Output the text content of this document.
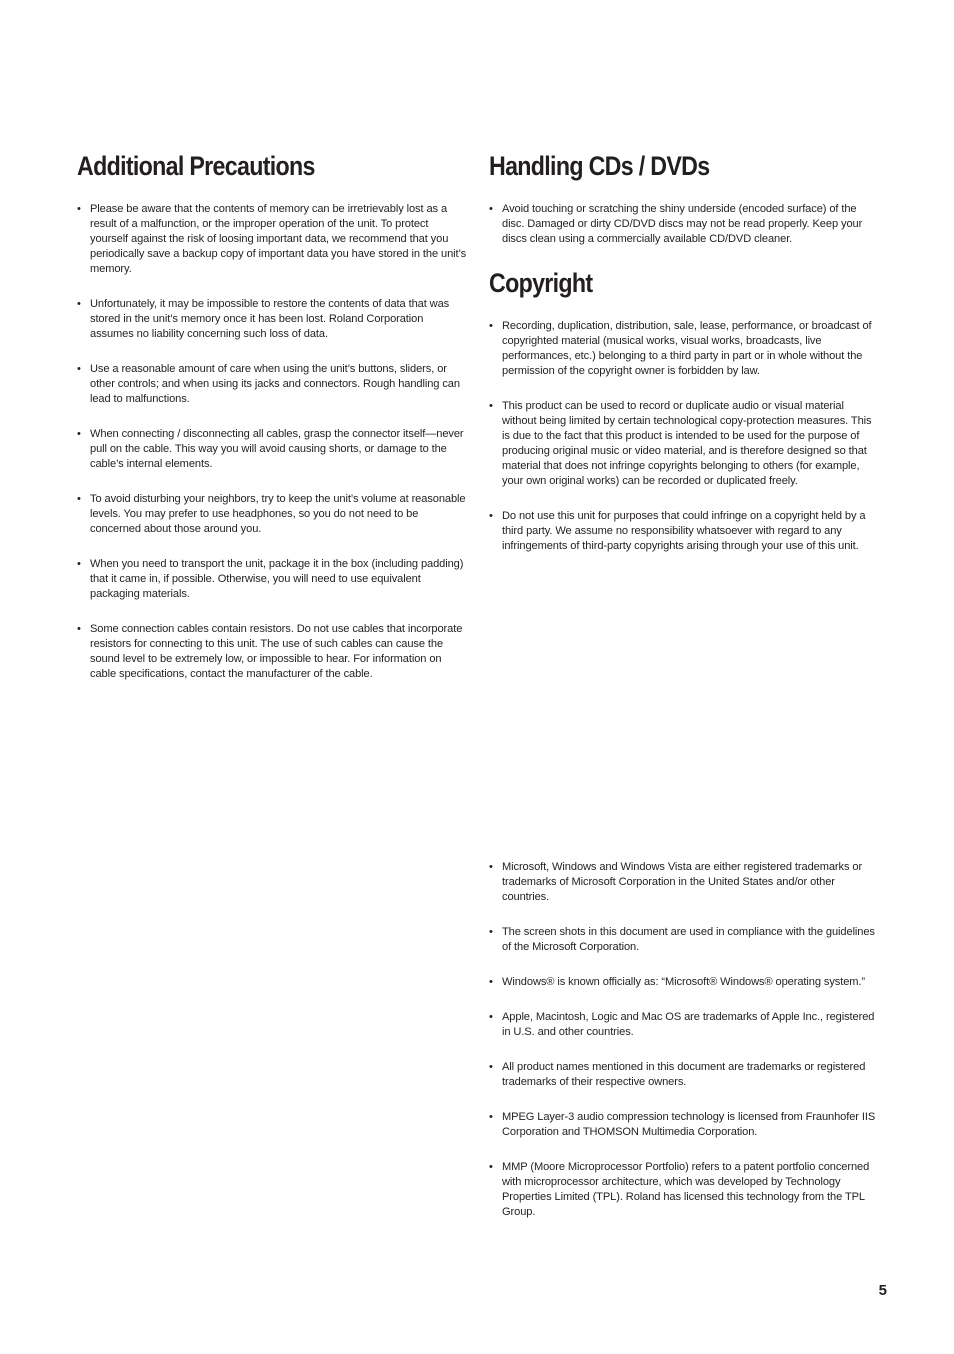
Additional Precautions
• Please be aware that the contents of memory can be irretrievably lost as a result of a malfunction, or the improper operation of the unit. To protect yourself against the risk of loosing important data, we recommend that you periodically save a backup copy of important data you have stored in the unit’s memory.
• Unfortunately, it may be impossible to restore the contents of data that was stored in the unit’s memory once it has been lost. Roland Corporation assumes no liability concerning such loss of data.
• Use a reasonable amount of care when using the unit’s buttons, sliders, or other controls; and when using its jacks and connectors. Rough handling can lead to malfunctions.
• When connecting / disconnecting all cables, grasp the connector itself—never pull on the cable. This way you will avoid causing shorts, or damage to the cable’s internal elements.
• To avoid disturbing your neighbors, try to keep the unit’s volume at reasonable levels. You may prefer to use headphones, so you do not need to be concerned about those around you.
• When you need to transport the unit, package it in the box (including padding) that it came in, if possible. Otherwise, you will need to use equivalent packaging materials.
• Some connection cables contain resistors. Do not use cables that incorporate resistors for connecting to this unit. The use of such cables can cause the sound level to be extremely low, or impossible to hear. For information on cable specifications, contact the manufacturer of the cable.
Handling CDs / DVDs
• Avoid touching or scratching the shiny underside (encoded surface) of the disc. Damaged or dirty CD/DVD discs may not be read properly. Keep your discs clean using a commercially available CD/DVD cleaner.
Copyright
• Recording, duplication, distribution, sale, lease, performance, or broadcast of copyrighted material (musical works, visual works, broadcasts, live performances, etc.) belonging to a third party in part or in whole without the permission of the copyright owner is forbidden by law.
• This product can be used to record or duplicate audio or visual material without being limited by certain technological copy-protection measures. This is due to the fact that this product is intended to be used for the purpose of producing original music or video material, and is therefore designed so that material that does not infringe copyrights belonging to others (for example, your own original works) can be recorded or duplicated freely.
• Do not use this unit for purposes that could infringe on a copyright held by a third party. We assume no responsibility whatsoever with regard to any infringements of third-party copyrights arising through your use of this unit.
• Microsoft, Windows and Windows Vista are either registered trademarks or trademarks of Microsoft Corporation in the United States and/or other countries.
• The screen shots in this document are used in compliance with the guidelines of the Microsoft Corporation.
• Windows® is known officially as: “Microsoft® Windows® operating system.”
• Apple, Macintosh, Logic and Mac OS are trademarks of Apple Inc., registered in U.S. and other countries.
• All product names mentioned in this document are trademarks or registered trademarks of their respective owners.
• MPEG Layer-3 audio compression technology is licensed from Fraunhofer IIS Corporation and THOMSON Multimedia Corporation.
• MMP (Moore Microprocessor Portfolio) refers to a patent portfolio concerned with microprocessor architecture, which was developed by Technology Properties Limited (TPL). Roland has licensed this technology from the TPL Group.
5
